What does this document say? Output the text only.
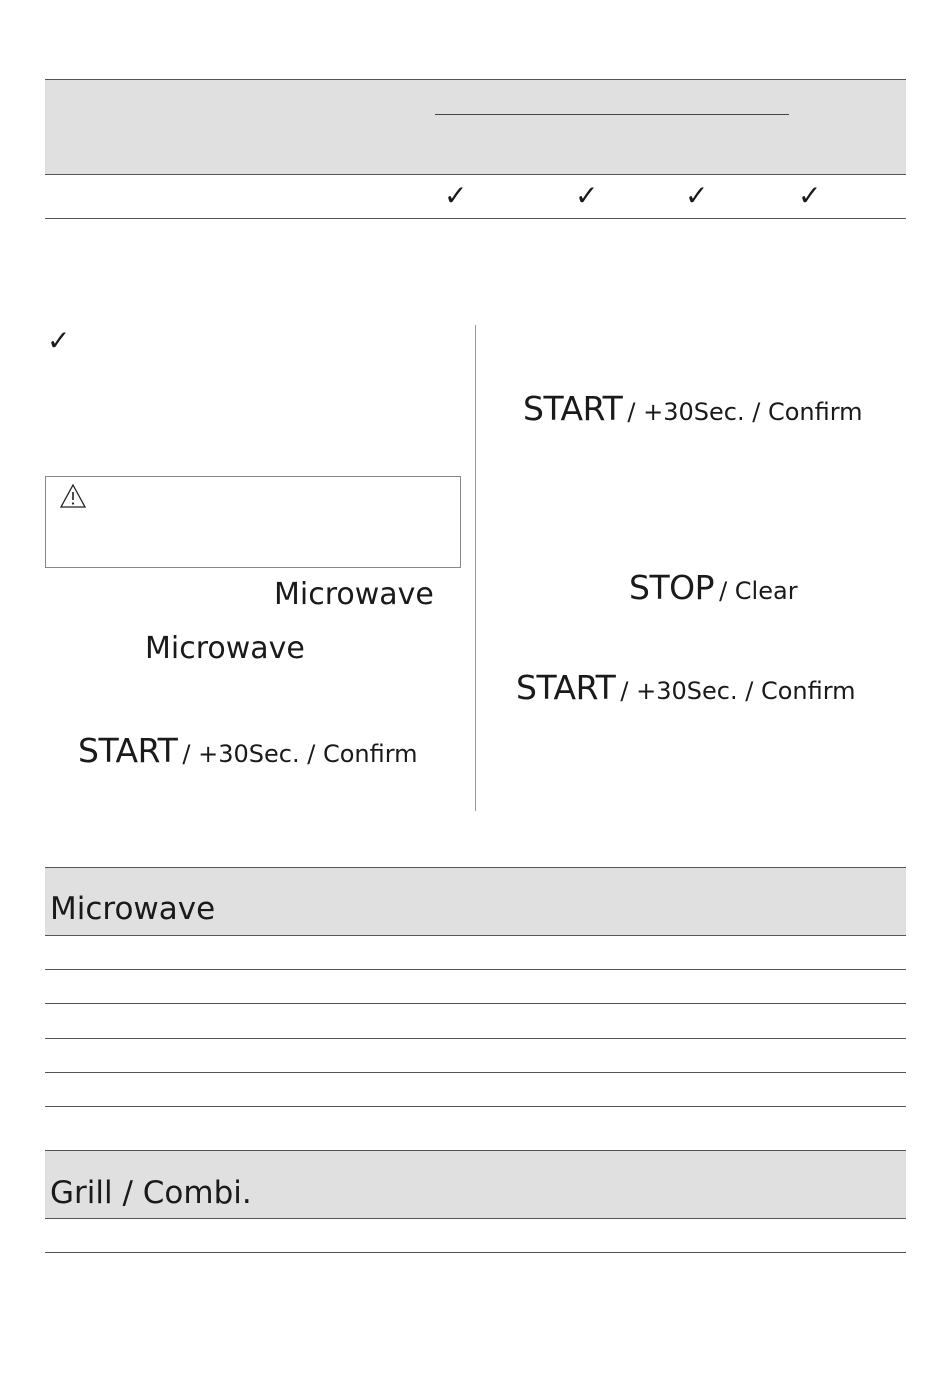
✓	✓	✓	✓
✓
Microwave
Microwave
START / +30Sec. / Confirm
START / +30Sec. / Confirm
STOP / Clear
START / +30Sec. / Confirm
Microwave
Grill / Combi.
